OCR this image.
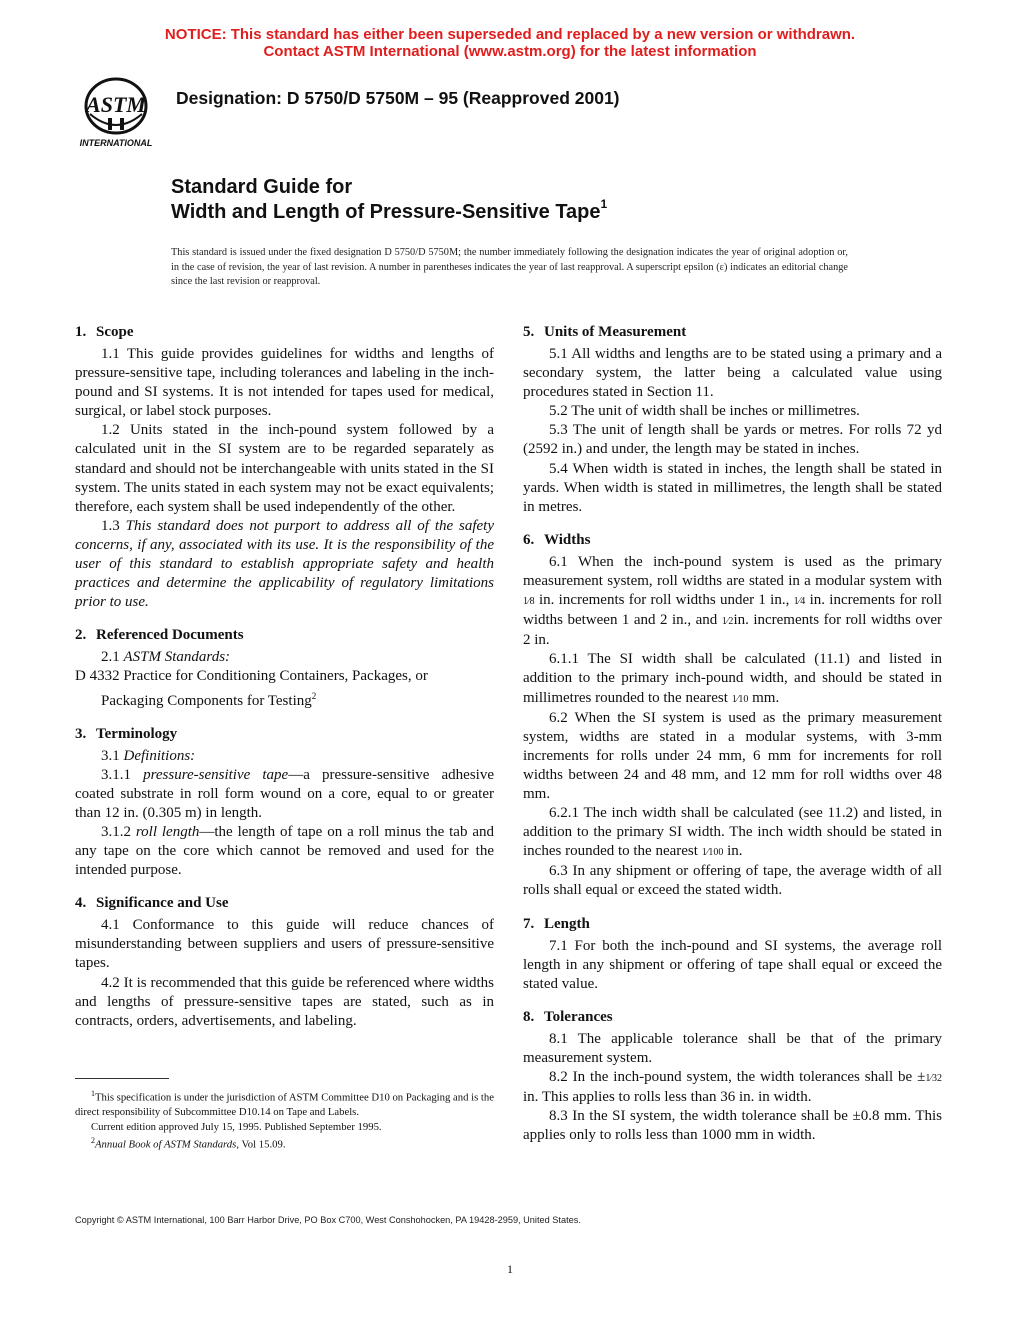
NOTICE: This standard has either been superseded and replaced by a new version or withdrawn.
Contact ASTM International (www.astm.org) for the latest information
ASTM
INTERNATIONAL
Designation: D 5750/D 5750M – 95 (Reapproved 2001)
Standard Guide for
Width and Length of Pressure-Sensitive Tape$^1$
This standard is issued under the fixed designation D 5750/D 5750M; the number immediately following the designation indicates the year of original adoption or, in the case of revision, the year of last revision. A number in parentheses indicates the year of last reapproval. A superscript epsilon (ε) indicates an editorial change since the last revision or reapproval.
1. Scope

1.1 This guide provides guidelines for widths and lengths of pressure-sensitive tape, including tolerances and labeling in the inch-pound and SI systems. It is not intended for tapes used for medical, surgical, or label stock purposes.

1.2 Units stated in the inch-pound system followed by a calculated unit in the SI system are to be regarded separately as standard and should not be interchangeable with units stated in the SI system. The units stated in each system may not be exact equivalents; therefore, each system shall be used independently of the other.

1.3 This standard does not purport to address all of the safety concerns, if any, associated with its use. It is the responsibility of the user of this standard to establish appropriate safety and health practices and determine the applicability of regulatory limitations prior to use.

2. Referenced Documents

2.1 ASTM Standards:

D 4332 Practice for Conditioning Containers, Packages, or Packaging Components for Testing$^2$

3. Terminology

3.1 Definitions:

3.1.1 pressure-sensitive tape—a pressure-sensitive adhesive coated substrate in roll form wound on a core, equal to or greater than 12 in. (0.305 m) in length.

3.1.2 roll length—the length of tape on a roll minus the tab and any tape on the core which cannot be removed and used for the intended purpose.

4. Significance and Use

4.1 Conformance to this guide will reduce chances of misunderstanding between suppliers and users of pressure-sensitive tapes.

4.2 It is recommended that this guide be referenced where widths and lengths of pressure-sensitive tapes are stated, such as in contracts, orders, advertisements, and labeling.

5. Units of Measurement

5.1 All widths and lengths are to be stated using a primary and a secondary system, the latter being a calculated value using procedures stated in Section 11.

5.2 The unit of width shall be inches or millimetres.

5.3 The unit of length shall be yards or metres. For rolls 72 yd (2592 in.) and under, the length may be stated in inches.

5.4 When width is stated in inches, the length shall be stated in yards. When width is stated in millimetres, the length shall be stated in metres.

6. Widths

6.1 When the inch-pound system is used as the primary measurement system, roll widths are stated in a modular system with 1⁄8 in. increments for roll widths under 1 in., 1⁄4 in. increments for roll widths between 1 and 2 in., and 1⁄2in. increments for roll widths over 2 in.

6.1.1 The SI width shall be calculated (11.1) and listed in addition to the primary inch-pound width, and should be stated in millimetres rounded to the nearest 1⁄10 mm.

6.2 When the SI system is used as the primary measurement system, widths are stated in a modular systems, with 3-mm increments for rolls under 24 mm, 6 mm for increments for roll widths between 24 and 48 mm, and 12 mm for roll widths over 48 mm.

6.2.1 The inch width shall be calculated (see 11.2) and listed, in addition to the primary SI width. The inch width should be stated in inches rounded to the nearest 1⁄100 in.

6.3 In any shipment or offering of tape, the average width of all rolls shall equal or exceed the stated width.

7. Length

7.1 For both the inch-pound and SI systems, the average roll length in any shipment or offering of tape shall equal or exceed the stated value.

8. Tolerances

8.1 The applicable tolerance shall be that of the primary measurement system.

8.2 In the inch-pound system, the width tolerances shall be ±1⁄32 in. This applies to rolls less than 36 in. in width.

8.3 In the SI system, the width tolerance shall be ±0.8 mm. This applies only to rolls less than 1000 mm in width.

$^1$This specification is under the jurisdiction of ASTM Committee D10 on Packaging and is the direct responsibility of Subcommittee D10.14 on Tape and Labels.

Current edition approved July 15, 1995. Published September 1995.

$^2$Annual Book of ASTM Standards, Vol 15.09.

Copyright © ASTM International, 100 Barr Harbor Drive, PO Box C700, West Conshohocken, PA 19428-2959, United States.
1
